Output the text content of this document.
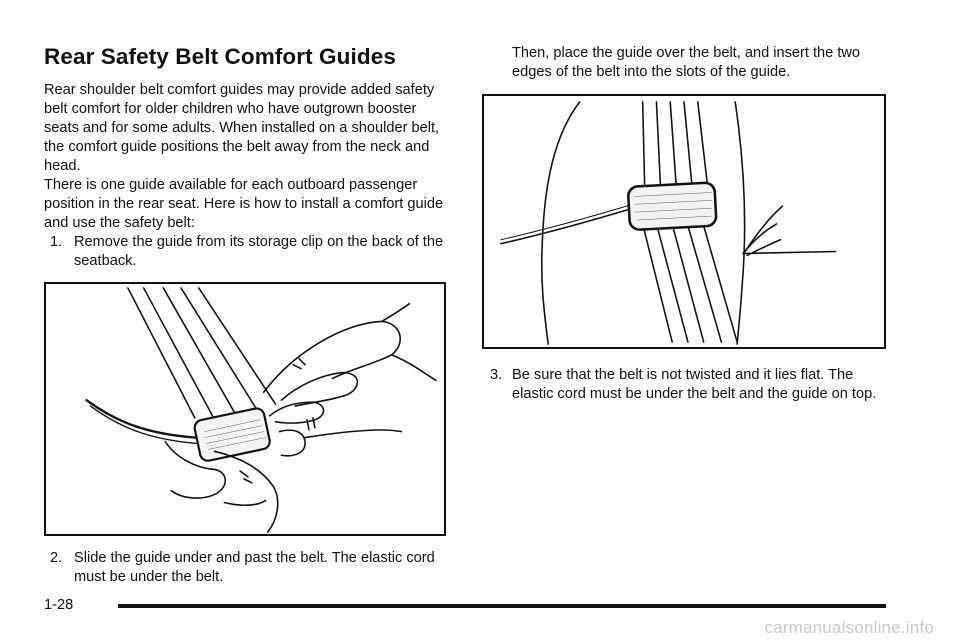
Rear Safety Belt Comfort Guides

Rear shoulder belt comfort guides may provide added safety belt comfort for older children who have outgrown booster seats and for some adults. When installed on a shoulder belt, the comfort guide positions the belt away from the neck and head.

There is one guide available for each outboard passenger position in the rear seat. Here is how to install a comfort guide and use the safety belt:

1. Remove the guide from its storage clip on the back of the seatback.
2. Slide the guide under and past the belt. The elastic cord must be under the belt.

Then, place the guide over the belt, and insert the two edges of the belt into the slots of the guide.

3. Be sure that the belt is not twisted and it lies flat. The elastic cord must be under the belt and the guide on top.
1-28
carmanualsonline.info
